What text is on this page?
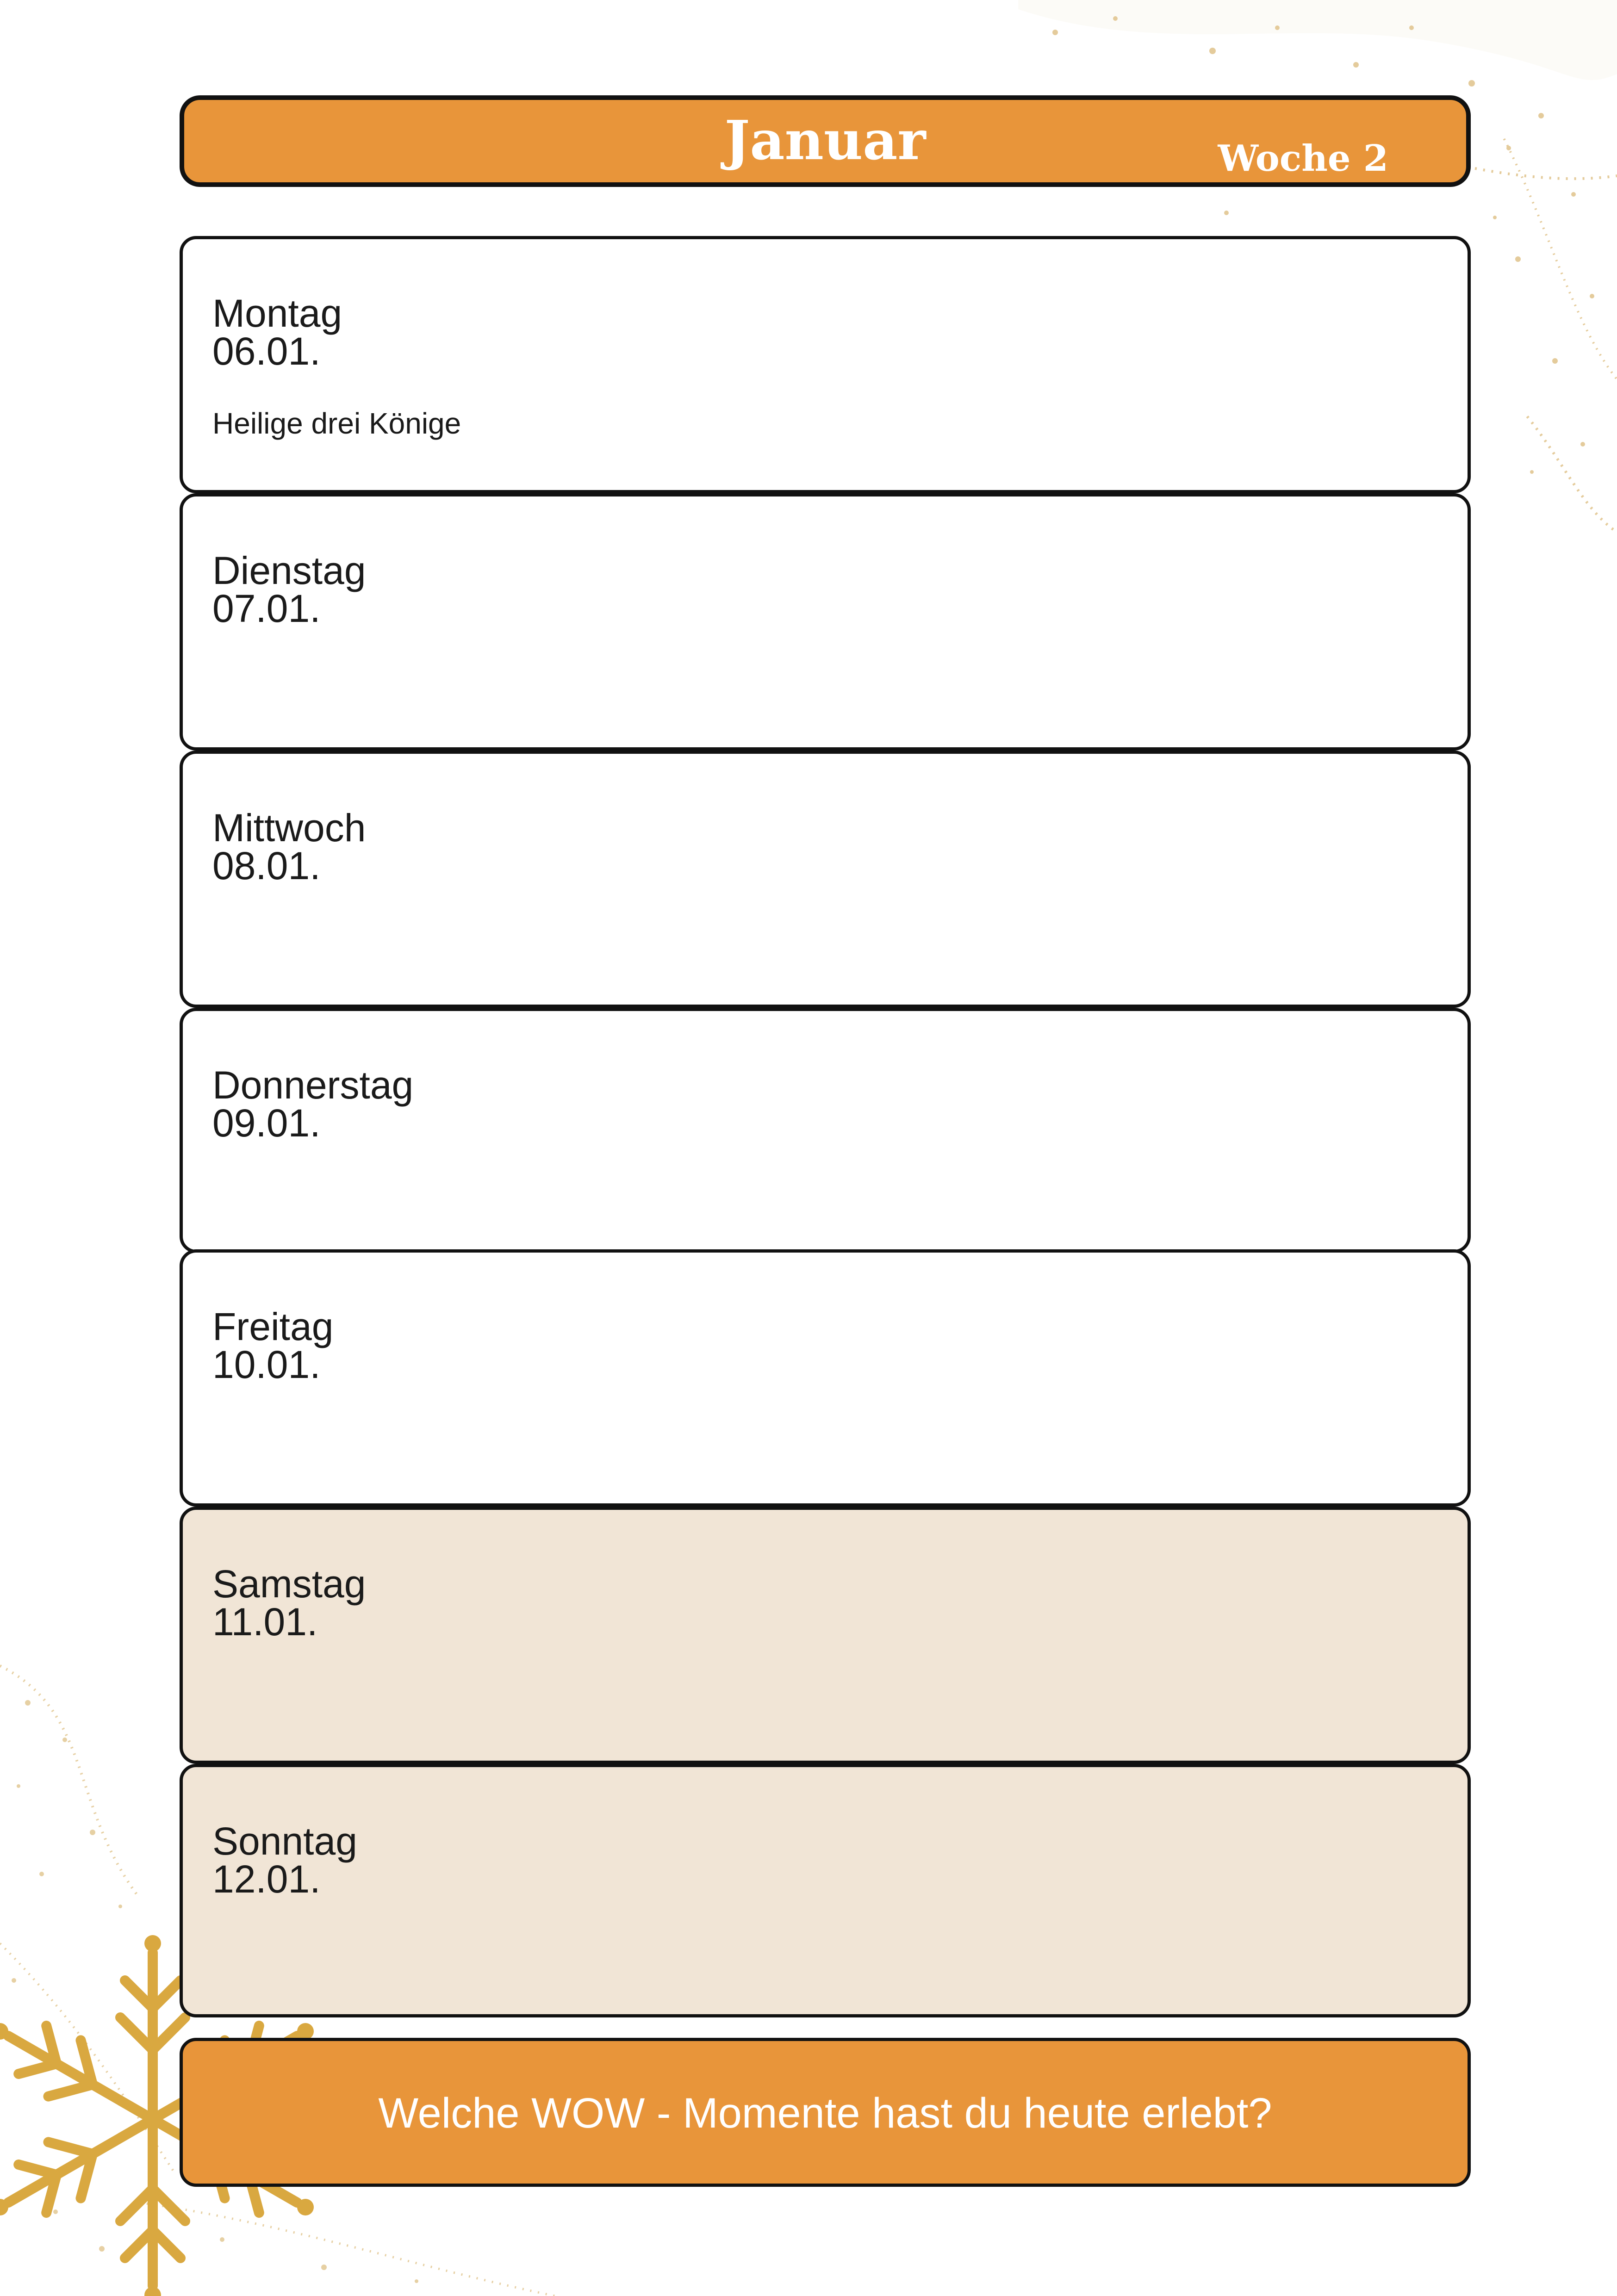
Januar	Woche 2
Montag
06.01.
Heilige drei Könige
Dienstag
07.01.
Mittwoch
08.01.
Donnerstag
09.01.
Freitag
10.01.
Samstag
11.01.
Sonntag
12.01.
Welche WOW - Momente hast du heute erlebt?
